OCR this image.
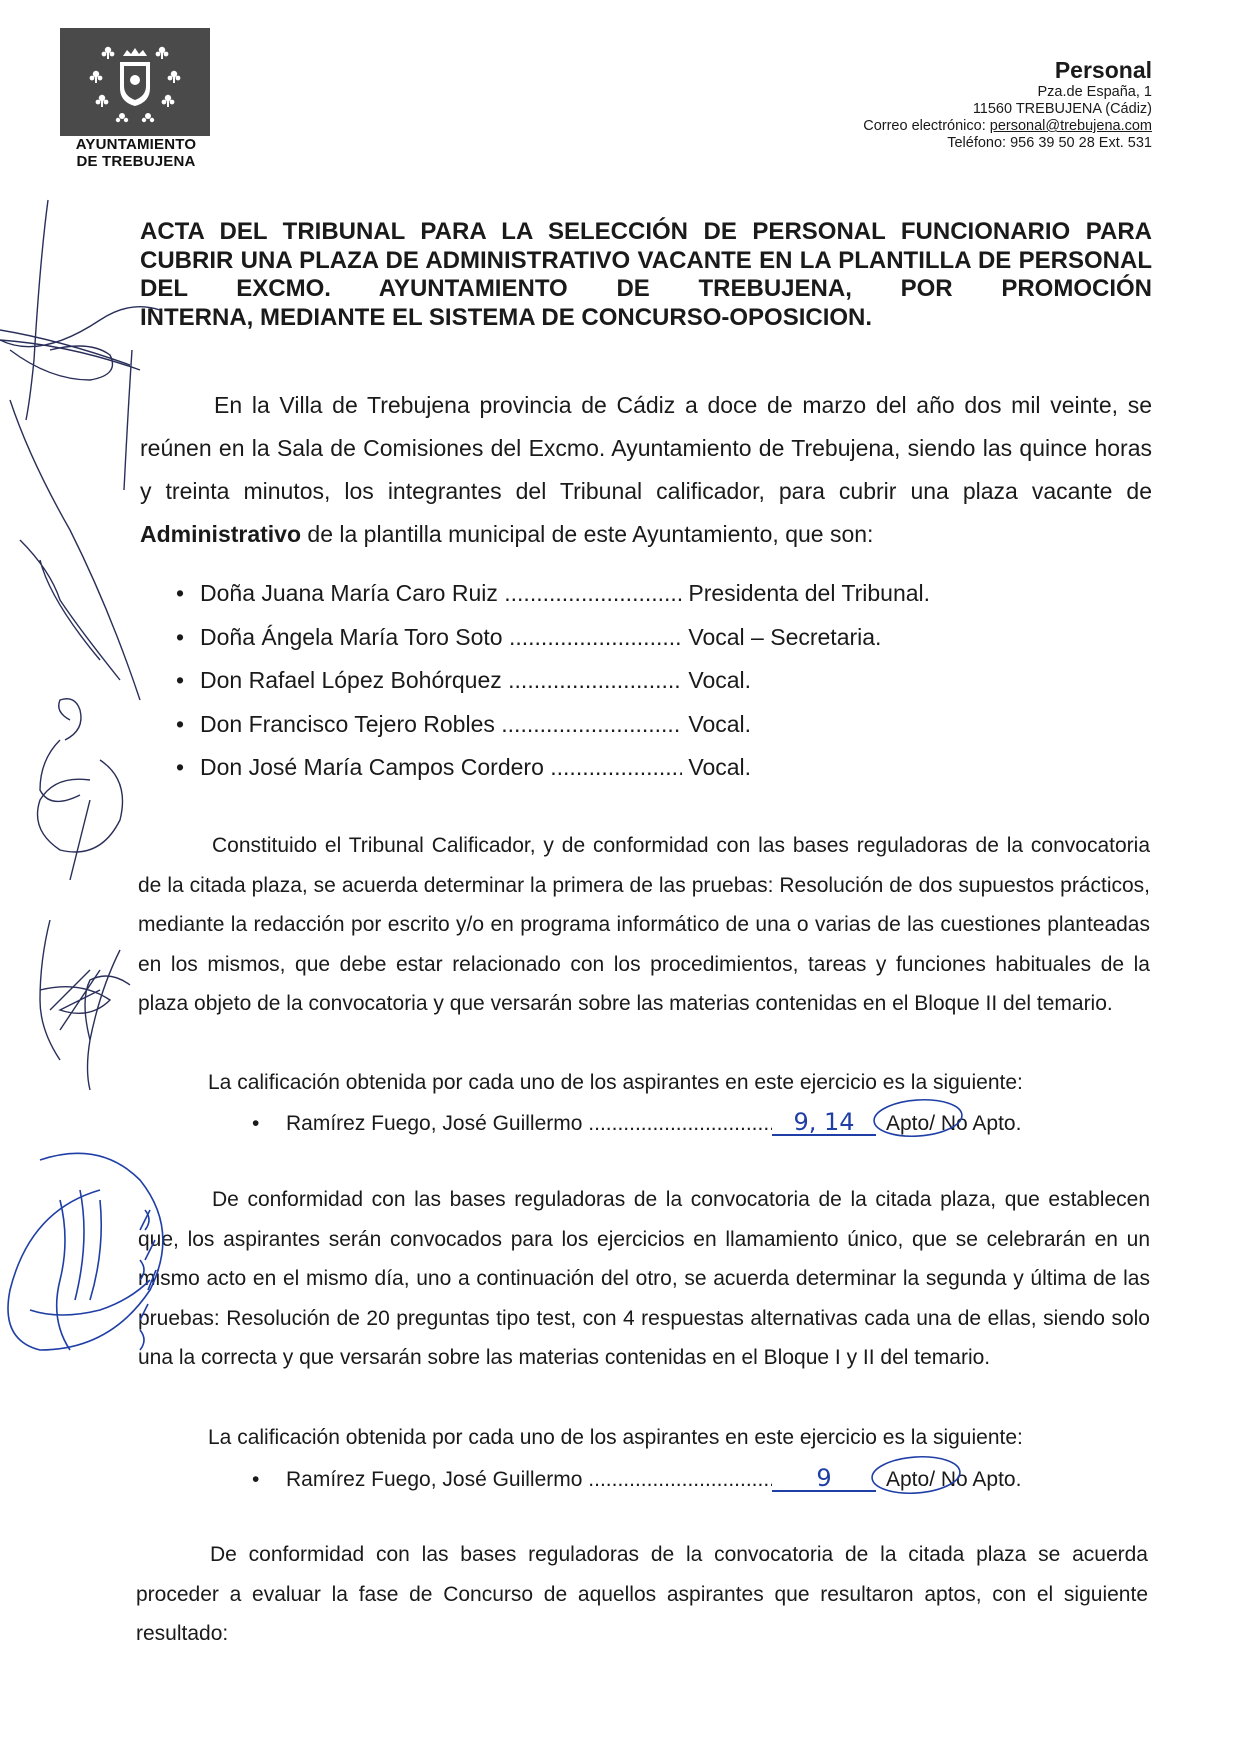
AYUNTAMIENTO
DE TREBUJENA
Personal
Pza.de España, 1
11560 TREBUJENA (Cádiz)
Correo electrónico: personal@trebujena.com
Teléfono: 956 39 50 28 Ext. 531
ACTA DEL TRIBUNAL PARA LA SELECCIÓN DE PERSONAL FUNCIONARIO PARA CUBRIR UNA PLAZA DE ADMINISTRATIVO VACANTE EN LA PLANTILLA DE PERSONAL DEL EXCMO. AYUNTAMIENTO DE TREBUJENA, POR PROMOCIÓN
INTERNA, MEDIANTE EL SISTEMA DE CONCURSO-OPOSICION.
En la Villa de Trebujena provincia de Cádiz a doce de marzo del año dos mil veinte, se reúnen en la Sala de Comisiones del Excmo. Ayuntamiento de Trebujena, siendo las quince horas y treinta minutos, los integrantes del Tribunal calificador, para cubrir una plaza vacante de Administrativo de la plantilla municipal de este Ayuntamiento, que son:
• Doña Juana María Caro Ruiz .....	Presidenta del Tribunal.
• Doña Ángela María Toro Soto .....	Vocal – Secretaria.
• Don Rafael López Bohórquez .....	Vocal.
• Don Francisco Tejero Robles .....	Vocal.
• Don José María Campos Cordero .....	Vocal.
Constituido el Tribunal Calificador, y de conformidad con las bases reguladoras de la convocatoria de la citada plaza, se acuerda determinar la primera de las pruebas: Resolución de dos supuestos prácticos, mediante la redacción por escrito y/o en programa informático de una o varias de las cuestiones planteadas en los mismos, que debe estar relacionado con los procedimientos, tareas y funciones habituales de la plaza objeto de la convocatoria y que versarán sobre las materias contenidas en el Bloque II del temario.
La calificación obtenida por cada uno de los aspirantes en este ejercicio es la siguiente:
• Ramírez Fuego, José Guillermo .....	9, 14 Apto/ No Apto.
De conformidad con las bases reguladoras de la convocatoria de la citada plaza, que establecen que, los aspirantes serán convocados para los ejercicios en llamamiento único, que se celebrarán en un mismo acto en el mismo día, uno a continuación del otro, se acuerda determinar la segunda y última de las pruebas: Resolución de 20 preguntas tipo test, con 4 respuestas alternativas cada una de ellas, siendo solo una la correcta y que versarán sobre las materias contenidas en el Bloque I y II del temario.
La calificación obtenida por cada uno de los aspirantes en este ejercicio es la siguiente:
• Ramírez Fuego, José Guillermo .....	9	Apto/ No Apto.
De conformidad con las bases reguladoras de la convocatoria de la citada plaza se acuerda proceder a evaluar la fase de Concurso de aquellos aspirantes que resultaron aptos, con el siguiente resultado:
